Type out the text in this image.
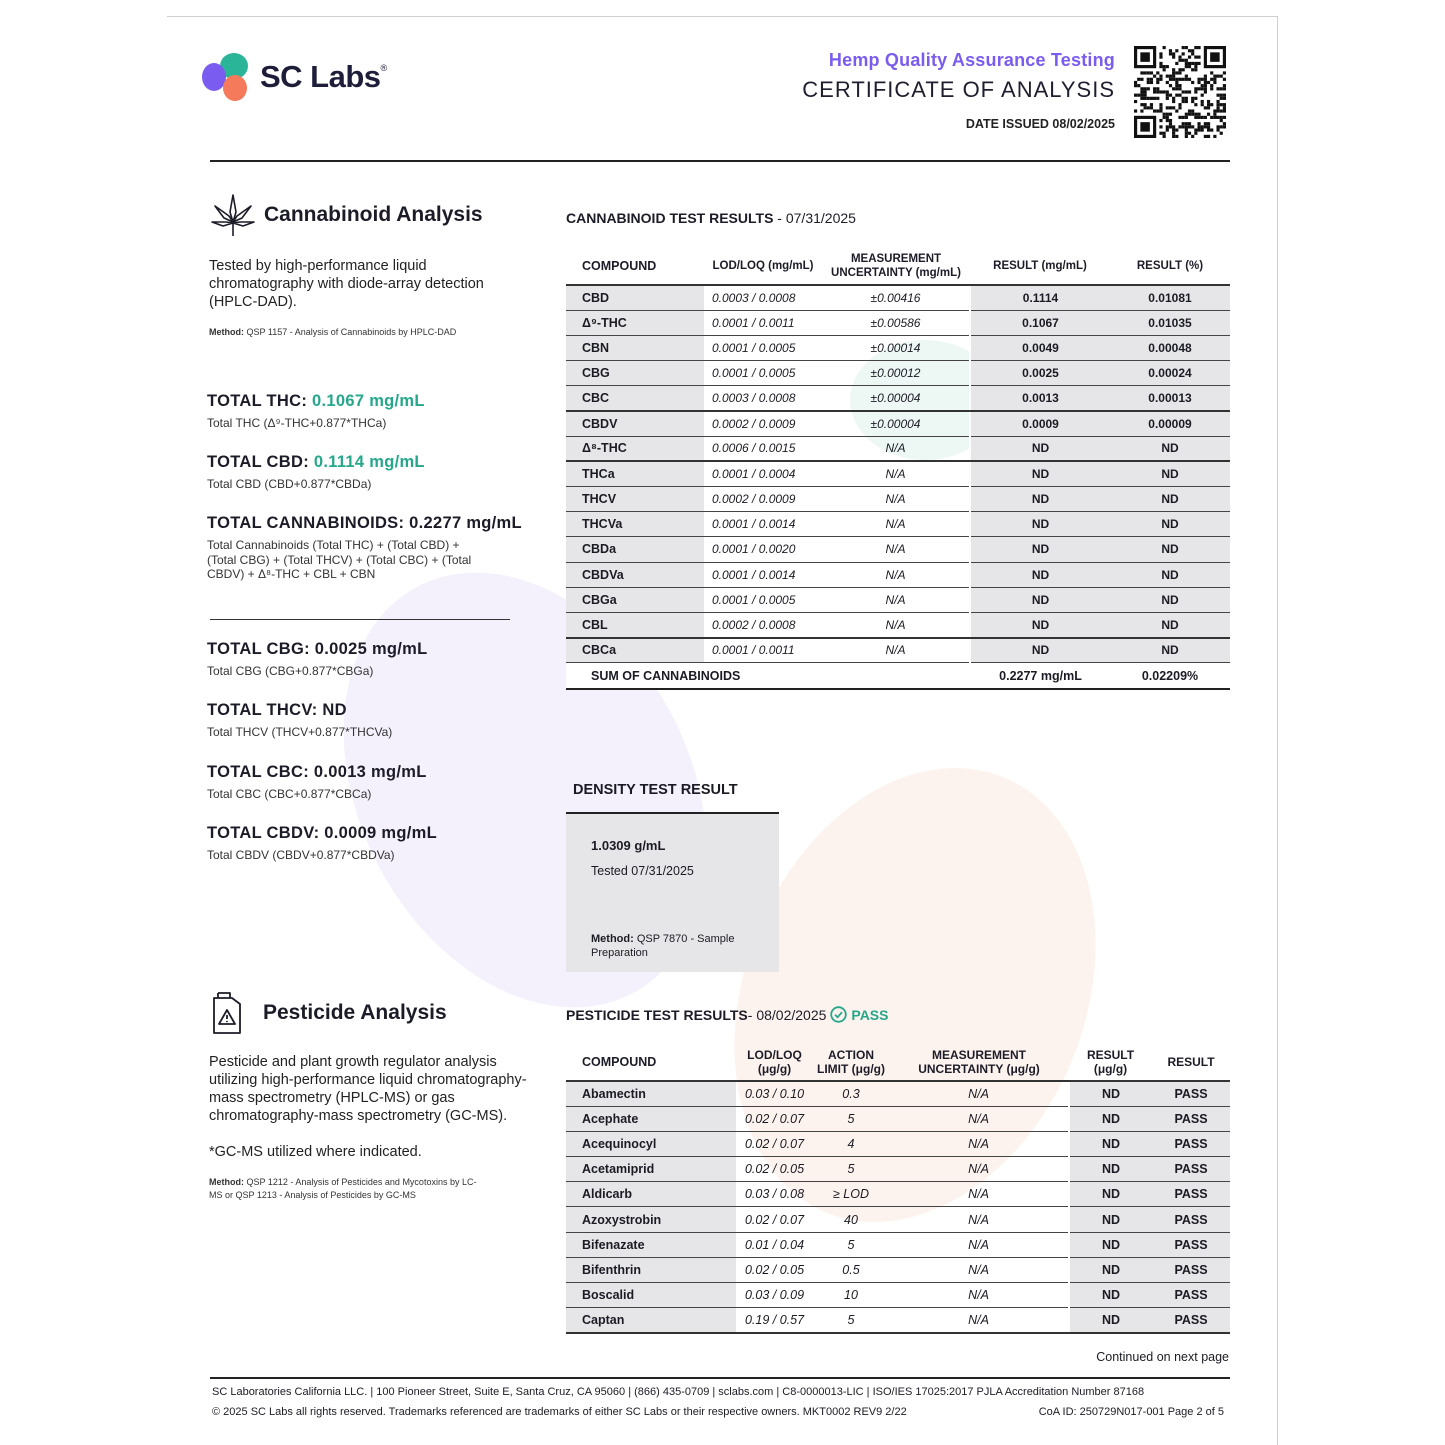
SC Labs®	Hemp Quality Assurance Testing
CERTIFICATE OF ANALYSIS
DATE ISSUED 08/02/2025
Cannabinoid Analysis
Tested by high-performance liquid chromatography with diode-array detection (HPLC-DAD).
Method: QSP 1157 - Analysis of Cannabinoids by HPLC-DAD
TOTAL THC: 0.1067 mg/mL
Total THC (Δ⁹-THC+0.877*THCa)
TOTAL CBD: 0.1114 mg/mL
Total CBD (CBD+0.877*CBDa)
TOTAL CANNABINOIDS: 0.2277 mg/mL
Total Cannabinoids (Total THC) + (Total CBD) + (Total CBG) + (Total THCV) + (Total CBC) + (Total CBDV) + Δ⁸-THC + CBL + CBN
TOTAL CBG: 0.0025 mg/mL
Total CBG (CBG+0.877*CBGa)
TOTAL THCV: ND
Total THCV (THCV+0.877*THCVa)
TOTAL CBC: 0.0013 mg/mL
Total CBC (CBC+0.877*CBCa)
TOTAL CBDV: 0.0009 mg/mL
Total CBDV (CBDV+0.877*CBDVa)
CANNABINOID TEST RESULTS - 07/31/2025
COMPOUND	LOD/LOQ (mg/mL)	MEASUREMENT UNCERTAINTY (mg/mL)	RESULT (mg/mL)	RESULT (%)
CBD	0.0003 / 0.0008	±0.00416	0.1114	0.01081
Δ⁹-THC	0.0001 / 0.0011	±0.00586	0.1067	0.01035
CBN	0.0001 / 0.0005	±0.00014	0.0049	0.00048
CBG	0.0001 / 0.0005	±0.00012	0.0025	0.00024
CBC	0.0003 / 0.0008	±0.00004	0.0013	0.00013
CBDV	0.0002 / 0.0009	±0.00004	0.0009	0.00009
Δ⁸-THC	0.0006 / 0.0015	N/A	ND	ND
THCa	0.0001 / 0.0004	N/A	ND	ND
THCV	0.0002 / 0.0009	N/A	ND	ND
THCVa	0.0001 / 0.0014	N/A	ND	ND
CBDa	0.0001 / 0.0020	N/A	ND	ND
CBDVa	0.0001 / 0.0014	N/A	ND	ND
CBGa	0.0001 / 0.0005	N/A	ND	ND
CBL	0.0002 / 0.0008	N/A	ND	ND
CBCa	0.0001 / 0.0011	N/A	ND	ND
SUM OF CANNABINOIDS			0.2277 mg/mL	0.02209%
DENSITY TEST RESULT
1.0309 g/mL
Tested 07/31/2025
Method: QSP 7870 - Sample Preparation
Pesticide Analysis
Pesticide and plant growth regulator analysis utilizing high-performance liquid chromatography-mass spectrometry (HPLC-MS) or gas chromatography-mass spectrometry (GC-MS).
*GC-MS utilized where indicated.
Method: QSP 1212 - Analysis of Pesticides and Mycotoxins by LC-MS or QSP 1213 - Analysis of Pesticides by GC-MS
PESTICIDE TEST RESULTS - 08/02/2025 PASS
COMPOUND	LOD/LOQ (μg/g)	ACTION LIMIT (μg/g)	MEASUREMENT UNCERTAINTY (μg/g)	RESULT (μg/g)	RESULT
Abamectin	0.03 / 0.10	0.3	N/A	ND	PASS
Acephate	0.02 / 0.07	5	N/A	ND	PASS
Acequinocyl	0.02 / 0.07	4	N/A	ND	PASS
Acetamiprid	0.02 / 0.05	5	N/A	ND	PASS
Aldicarb	0.03 / 0.08	≥ LOD	N/A	ND	PASS
Azoxystrobin	0.02 / 0.07	40	N/A	ND	PASS
Bifenazate	0.01 / 0.04	5	N/A	ND	PASS
Bifenthrin	0.02 / 0.05	0.5	N/A	ND	PASS
Boscalid	0.03 / 0.09	10	N/A	ND	PASS
Captan	0.19 / 0.57	5	N/A	ND	PASS
Continued on next page
SC Laboratories California LLC. | 100 Pioneer Street, Suite E, Santa Cruz, CA 95060 | (866) 435-0709 | sclabs.com | C8-0000013-LIC | ISO/IES 17025:2017 PJLA Accreditation Number 87168
© 2025 SC Labs all rights reserved. Trademarks referenced are trademarks of either SC Labs or their respective owners. MKT0002 REV9 2/22	CoA ID: 250729N017-001 Page 2 of 5
